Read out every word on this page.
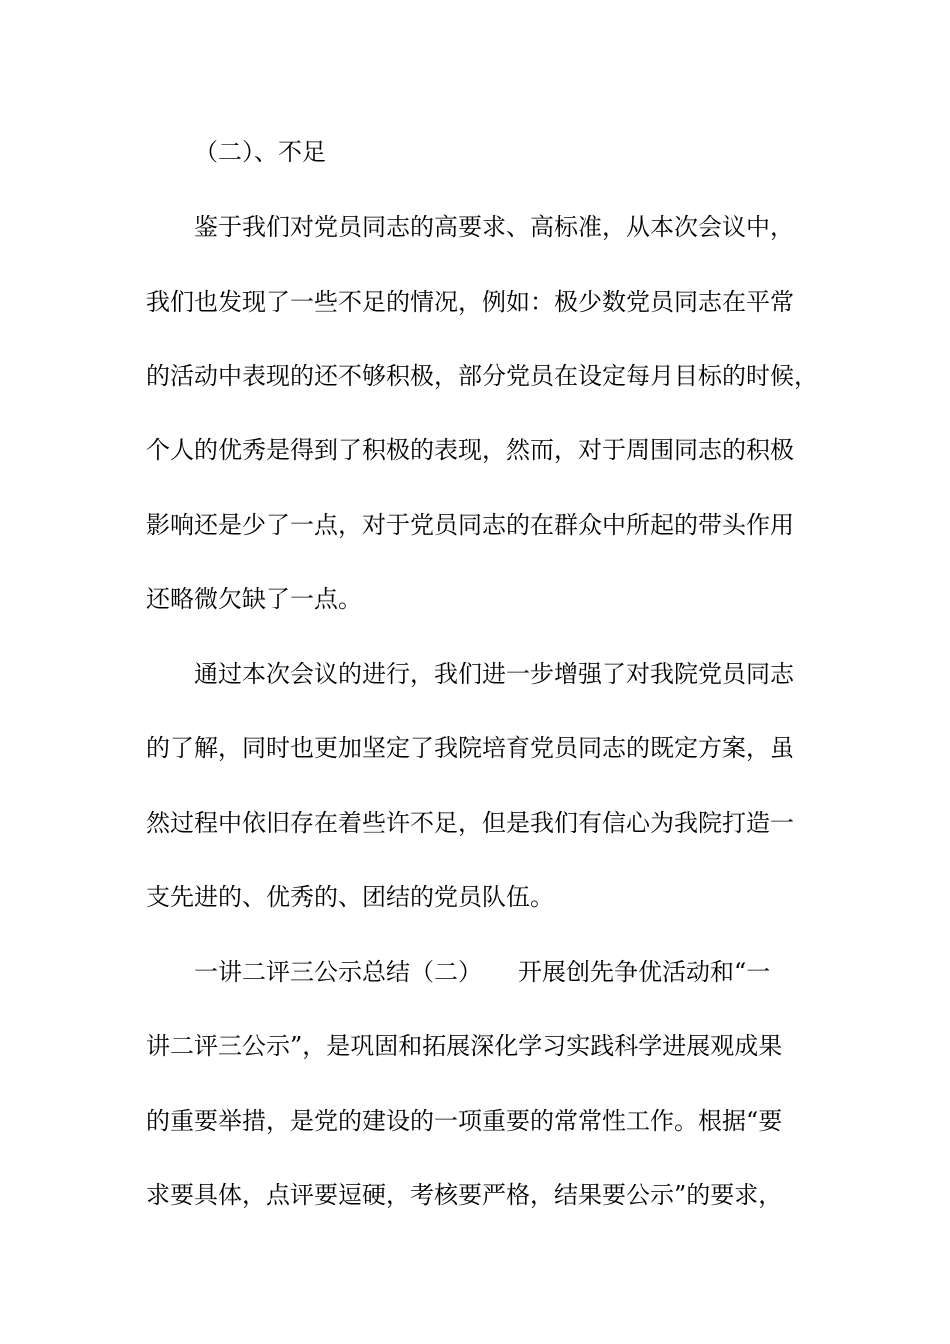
（二）、不足

鉴于我们对党员同志的高要求、高标准，从本次会议中，

我们也发现了一些不足的情况，例如：极少数党员同志在平常

的活动中表现的还不够积极，部分党员在设定每月目标的时候，

个人的优秀是得到了积极的表现，然而，对于周围同志的积极

影响还是少了一点，对于党员同志的在群众中所起的带头作用

还略微欠缺了一点。

通过本次会议的进行，我们进一步增强了对我院党员同志

的了解，同时也更加坚定了我院培育党员同志的既定方案，虽

然过程中依旧存在着些许不足，但是我们有信心为我院打造一

支先进的、优秀的、团结的党员队伍。

一讲二评三公示总结（二）　　开展创先争优活动和“一

讲二评三公示”，是巩固和拓展深化学习实践科学进展观成果

的重要举措，是党的建设的一项重要的常常性工作。根据“要

求要具体，点评要逗硬，考核要严格，结果要公示”的要求，
